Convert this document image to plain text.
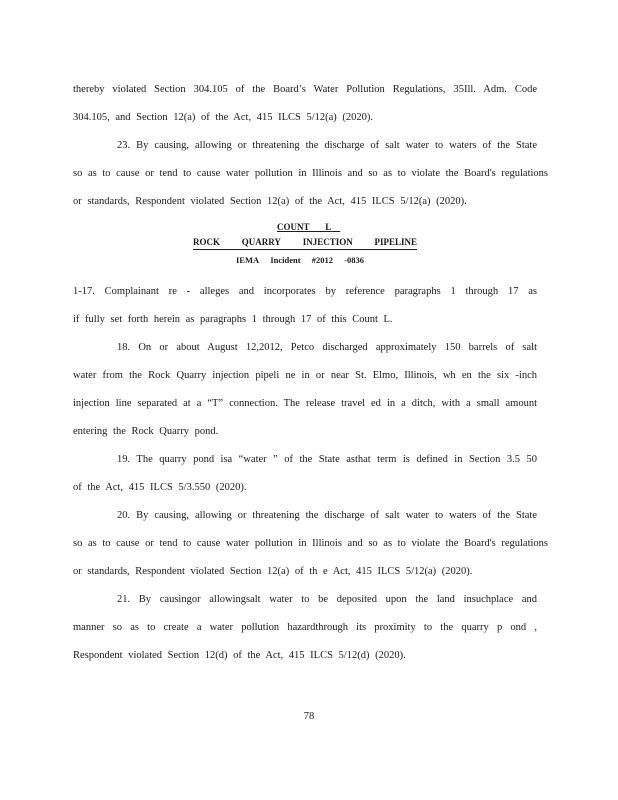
thereby violated Section 304.105 of the Board’s Water Pollution Regulations, 35Ill. Adm. Code
304.105, and Section 12(a) of the Act, 415 ILCS 5/12(a) (2020).
23. By causing, allowing or threatening the discharge of salt water to waters of the State
so as to cause or tend to cause water pollution in Illinois and so as to violate the Board's regulations
or standards, Respondent violated Section 12(a) of the Act, 415 ILCS 5/12(a) (2020).
1-17. Complainant re - alleges and incorporates by reference paragraphs 1 through 17 as
if fully set forth herein as paragraphs 1 through 17 of this Count L.
18. On or about August 12,2012, Petco discharged approximately 150 barrels of salt
water from the Rock Quarry injection pipeli ne in or near St. Elmo, Illinois, wh en the six -inch
injection line separated at a “T” connection. The release travel ed in a ditch, with a small amount
entering the Rock Quarry pond.
19. The quarry pond isa “water ” of the State asthat term is defined in Section 3.5 50
of the Act, 415 ILCS 5/3.550 (2020).
20. By causing, allowing or threatening the discharge of salt water to waters of the State
so as to cause or tend to cause water pollution in Illinois and so as to violate the Board's regulations
or standards, Respondent violated Section 12(a) of th e Act, 415 ILCS 5/12(a) (2020).
21. By causingor allowingsalt water to be deposited upon the land insuchplace and
manner so as to create a water pollution hazardthrough its proximity to the quarry p ond ,
Respondent violated Section 12(d) of the Act, 415 ILCS 5/12(d) (2020).
COUNT L
ROCK QUARRY INJECTION PIPELINE
IEMA Incident #2012 -0836
78
